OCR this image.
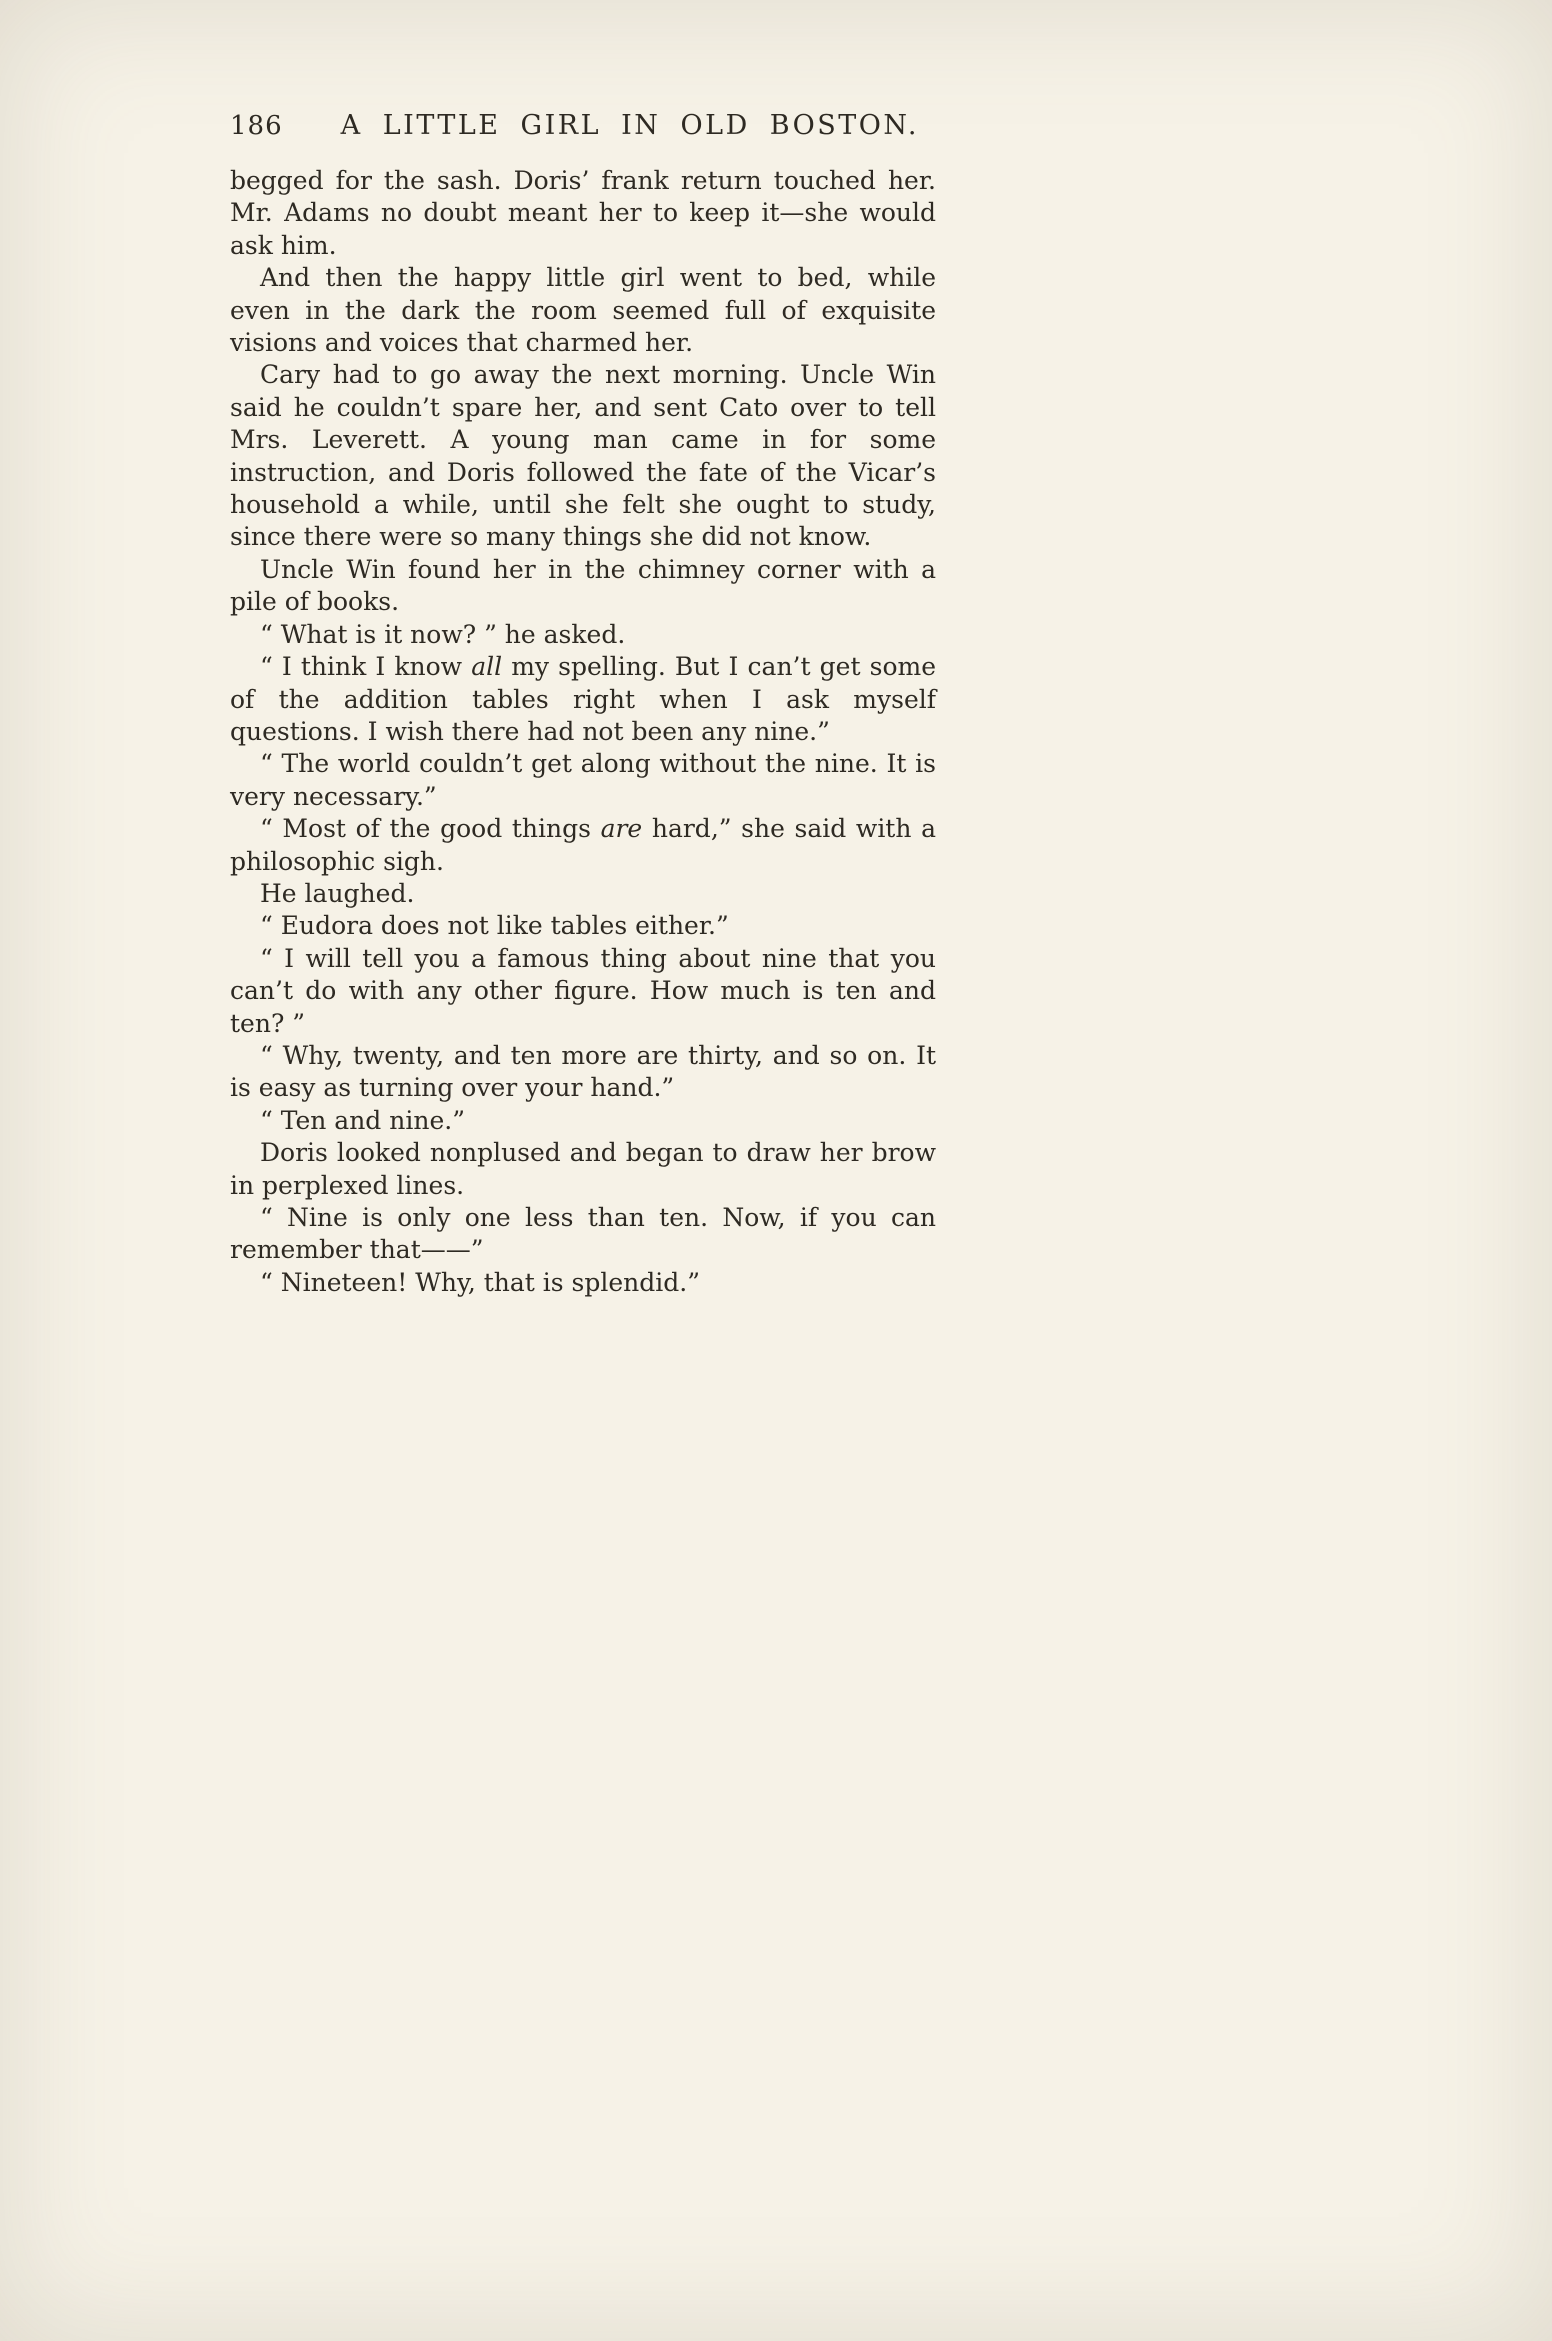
186 A LITTLE GIRL IN OLD BOSTON.

begged for the sash. Doris’ frank return touched her. Mr. Adams no doubt meant her to keep it—she would ask him.

And then the happy little girl went to bed, while even in the dark the room seemed full of exquisite visions and voices that charmed her.

Cary had to go away the next morning. Uncle Win said he couldn’t spare her, and sent Cato over to tell Mrs. Leverett. A young man came in for some instruction, and Doris followed the fate of the Vicar’s household a while, until she felt she ought to study, since there were so many things she did not know.

Uncle Win found her in the chimney corner with a pile of books.

“ What is it now? ” he asked.

“ I think I know all my spelling. But I can’t get some of the addition tables right when I ask myself questions. I wish there had not been any nine.”

“ The world couldn’t get along without the nine. It is very necessary.”

“ Most of the good things are hard,” she said with a philosophic sigh.

He laughed.

“ Eudora does not like tables either.”

“ I will tell you a famous thing about nine that you can’t do with any other figure. How much is ten and ten? ”

“ Why, twenty, and ten more are thirty, and so on. It is easy as turning over your hand.”

“ Ten and nine.”

Doris looked nonplused and began to draw her brow in perplexed lines.

“ Nine is only one less than ten. Now, if you can remember that——”

“ Nineteen! Why, that is splendid.”
